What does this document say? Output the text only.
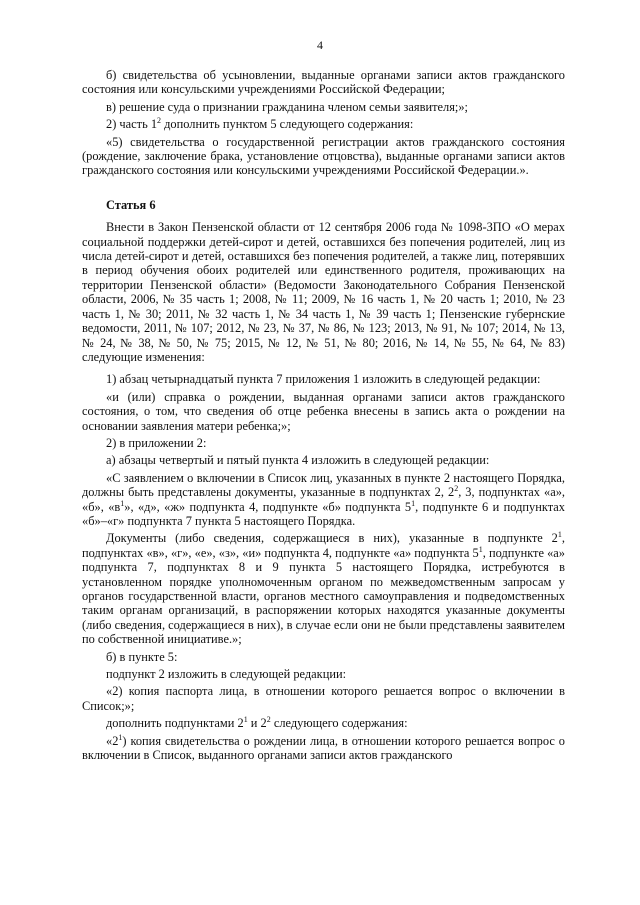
4

б) свидетельства об усыновлении, выданные органами записи актов гражданского состояния или консульскими учреждениями Российской Федерации;

в) решение суда о признании гражданина членом семьи заявителя;»;

2) часть $1^2$ дополнить пунктом 5 следующего содержания:

«5) свидетельства о государственной регистрации актов гражданского состояния (рождение, заключение брака, установление отцовства), выданные органами записи актов гражданского состояния или консульскими учреждениями Российской Федерации.».

Статья 6

Внести в Закон Пензенской области от 12 сентября 2006 года № 1098-ЗПО «О мерах социальной поддержки детей-сирот и детей, оставшихся без попечения родителей, лиц из числа детей-сирот и детей, оставшихся без попечения родителей, а также лиц, потерявших в период обучения обоих родителей или единственного родителя, проживающих на территории Пензенской области» (Ведомости Законодательного Собрания Пензенской области, 2006, № 35 часть 1; 2008, № 11; 2009, № 16 часть 1, № 20 часть 1; 2010, № 23 часть 1, № 30; 2011, № 32 часть 1, № 34 часть 1, № 39 часть 1; Пензенские губернские ведомости, 2011, № 107; 2012, № 23, № 37, № 86, № 123; 2013, № 91, № 107; 2014, № 13, № 24, № 38, № 50, № 75; 2015, № 12, № 51, № 80; 2016, № 14, № 55, № 64, № 83) следующие изменения:

1) абзац четырнадцатый пункта 7 приложения 1 изложить в следующей редакции:

«и (или) справка о рождении, выданная органами записи актов гражданского состояния, о том, что сведения об отце ребенка внесены в запись акта о рождении на основании заявления матери ребенка;»;

2) в приложении 2:

а) абзацы четвертый и пятый пункта 4 изложить в следующей редакции:

«С заявлением о включении в Список лиц, указанных в пункте 2 настоящего Порядка, должны быть представлены документы, указанные в подпунктах 2, $2^2$, 3, подпунктах «а», «б», «$в^1$», «д», «ж» подпункта 4, подпункте «б» подпункта $5^1$, подпункте 6 и подпунктах «б»–«г» подпункта 7 пункта 5 настоящего Порядка.

Документы (либо сведения, содержащиеся в них), указанные в подпункте $2^1$, подпунктах «в», «г», «е», «з», «и» подпункта 4, подпункте «а» подпункта $5^1$, подпункте «а» подпункта 7, подпунктах 8 и 9 пункта 5 настоящего Порядка, истребуются в установленном порядке уполномоченным органом по межведомственным запросам у органов государственной власти, органов местного самоуправления и подведомственных таким органам организаций, в распоряжении которых находятся указанные документы (либо сведения, содержащиеся в них), в случае если они не были представлены заявителем по собственной инициативе.»;

б) в пункте 5:

подпункт 2 изложить в следующей редакции:

«2) копия паспорта лица, в отношении которого решается вопрос о включении в Список;»;

дополнить подпунктами $2^1$ и $2^2$ следующего содержания:

«$2^1$) копия свидетельства о рождении лица, в отношении которого решается вопрос о включении в Список, выданного органами записи актов гражданского
